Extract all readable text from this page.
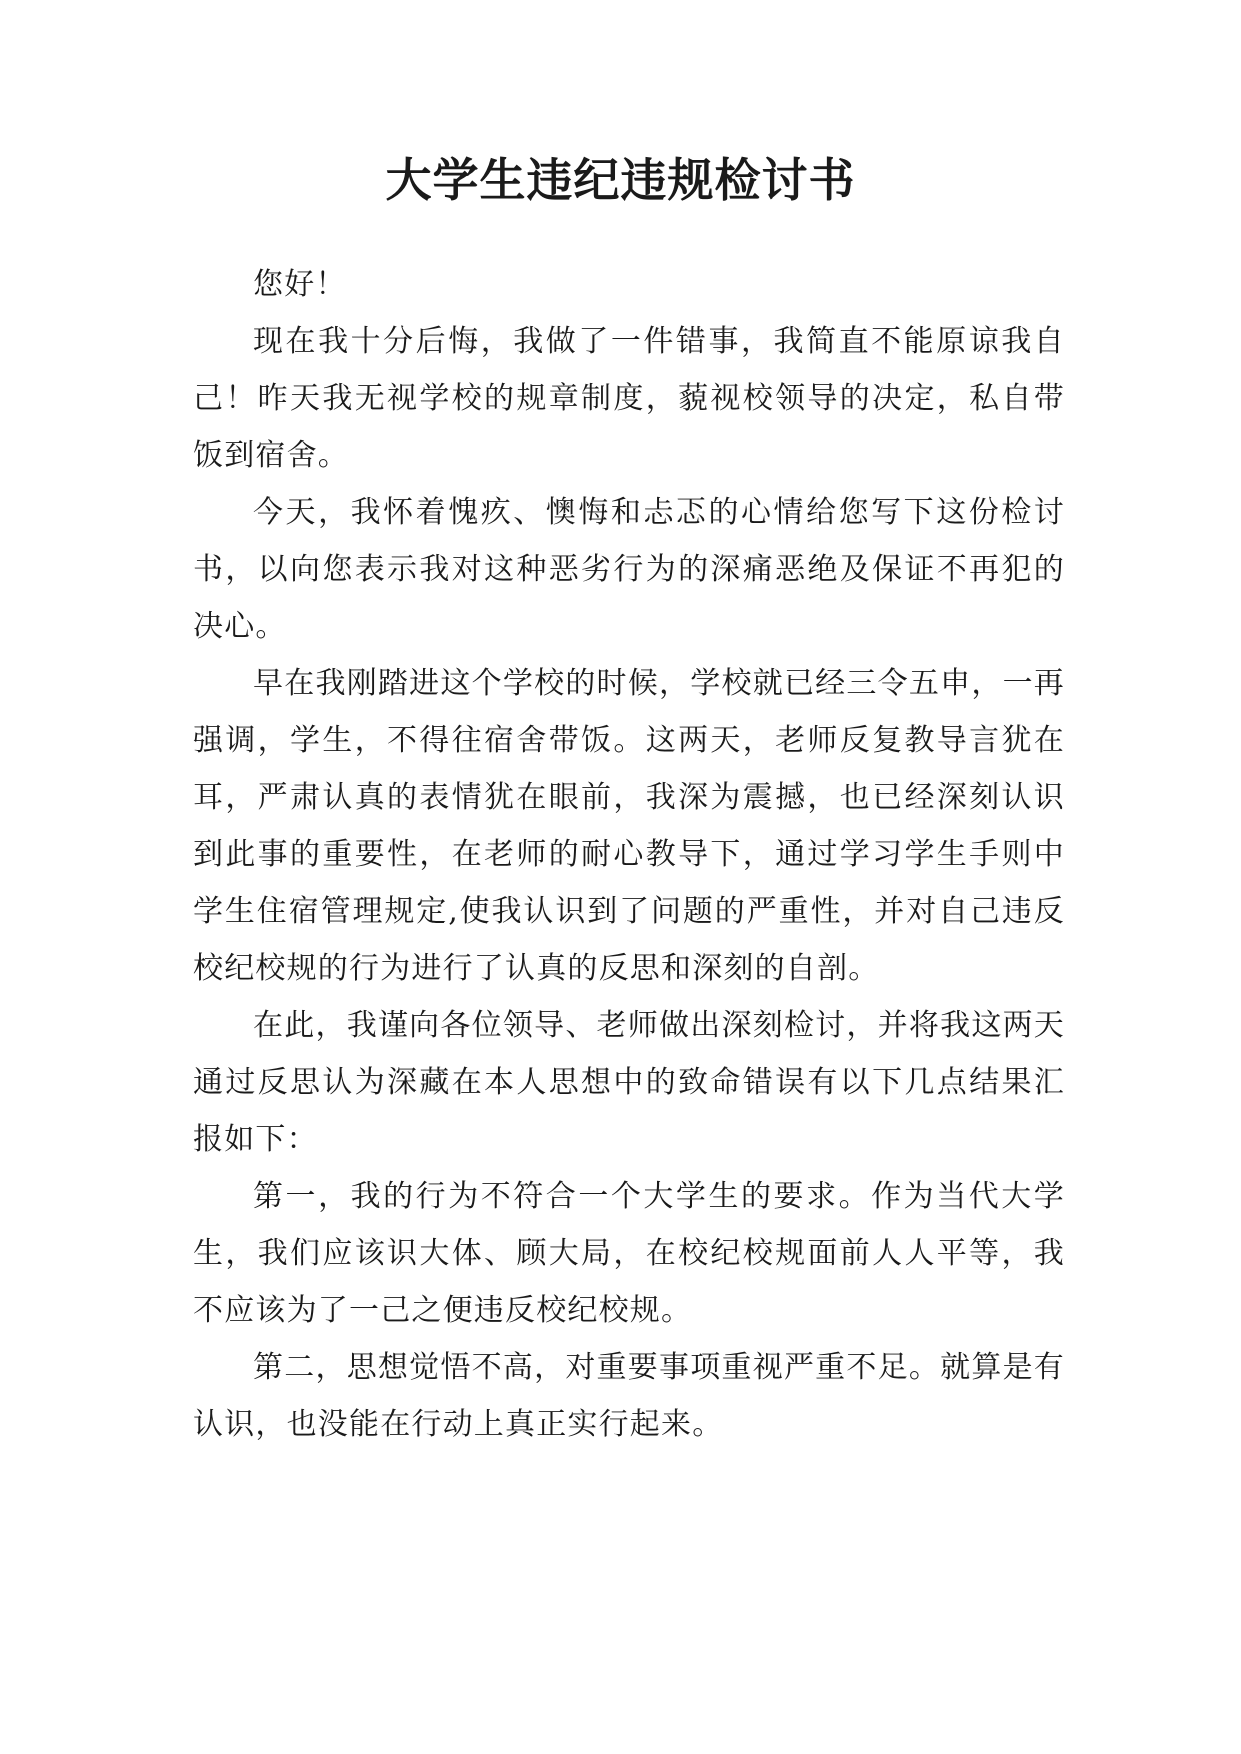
大学生违纪违规检讨书

您好！

现在我十分后悔，我做了一件错事，我简直不能原谅我自己！昨天我无视学校的规章制度，藐视校领导的决定，私自带饭到宿舍。

今天，我怀着愧疚、懊悔和忐忑的心情给您写下这份检讨书，以向您表示我对这种恶劣行为的深痛恶绝及保证不再犯的决心。

早在我刚踏进这个学校的时候，学校就已经三令五申，一再强调，学生，不得往宿舍带饭。这两天，老师反复教导言犹在耳，严肃认真的表情犹在眼前，我深为震撼，也已经深刻认识到此事的重要性，在老师的耐心教导下，通过学习学生手则中学生住宿管理规定,使我认识到了问题的严重性，并对自己违反校纪校规的行为进行了认真的反思和深刻的自剖。

在此，我谨向各位领导、老师做出深刻检讨，并将我这两天通过反思认为深藏在本人思想中的致命错误有以下几点结果汇报如下：

第一，我的行为不符合一个大学生的要求。作为当代大学生，我们应该识大体、顾大局，在校纪校规面前人人平等，我不应该为了一己之便违反校纪校规。

第二，思想觉悟不高，对重要事项重视严重不足。就算是有认识，也没能在行动上真正实行起来。
